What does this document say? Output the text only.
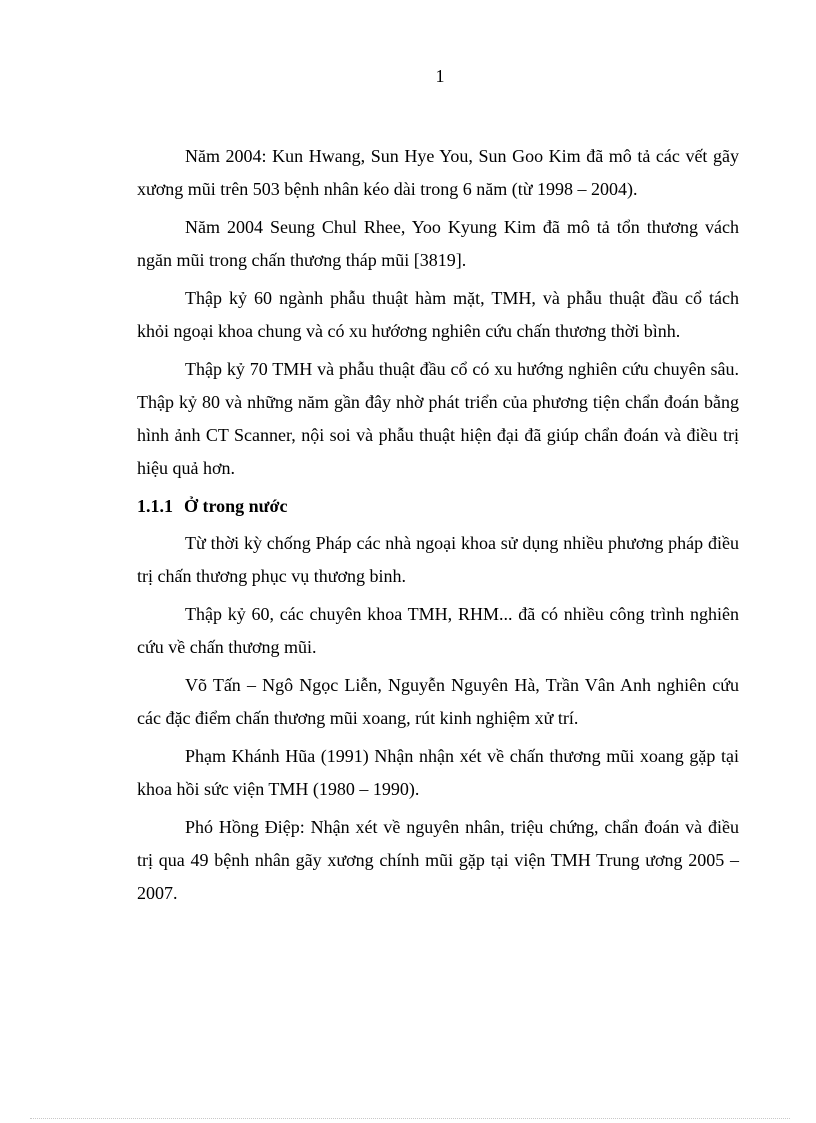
1

Năm 2004: Kun Hwang, Sun Hye You, Sun Goo Kim đã mô tả các vết gãy xương mũi trên 503 bệnh nhân kéo dài trong 6 năm (từ 1998 – 2004).

Năm 2004 Seung Chul Rhee, Yoo Kyung Kim đã mô tả tổn thương vách ngăn mũi trong chấn thương tháp mũi [3819].

Thập kỷ 60 ngành phẫu thuật hàm mặt, TMH, và phẫu thuật đầu cổ tách khỏi ngoại khoa chung và có xu hướơng nghiên cứu chấn thương thời bình.

Thập kỷ 70 TMH và phẫu thuật đầu cổ có xu hướng nghiên cứu chuyên sâu. Thập kỷ 80 và những năm gần đây nhờ phát triển của phương tiện chẩn đoán bằng hình ảnh CT Scanner, nội soi và phẫu thuật hiện đại đã giúp chẩn đoán và điều trị hiệu quả hơn.

1.1.1 Ở trong nước

Từ thời kỳ chống Pháp các nhà ngoại khoa sử dụng nhiều phương pháp điều trị chấn thương phục vụ thương binh.

Thập kỷ 60, các chuyên khoa TMH, RHM... đã có nhiều công trình nghiên cứu về chấn thương mũi.

Võ Tấn – Ngô Ngọc Liễn, Nguyễn Nguyên Hà, Trần Vân Anh nghiên cứu các đặc điểm chấn thương mũi xoang, rút kinh nghiệm xử trí.

Phạm Khánh Hũa (1991) Nhận nhận xét về chấn thương mũi xoang gặp tại khoa hồi sức viện TMH (1980 – 1990).

Phó Hồng Điệp: Nhận xét về nguyên nhân, triệu chứng, chẩn đoán và điều trị qua 49 bệnh nhân gãy xương chính mũi gặp tại viện TMH Trung ương 2005 – 2007.
